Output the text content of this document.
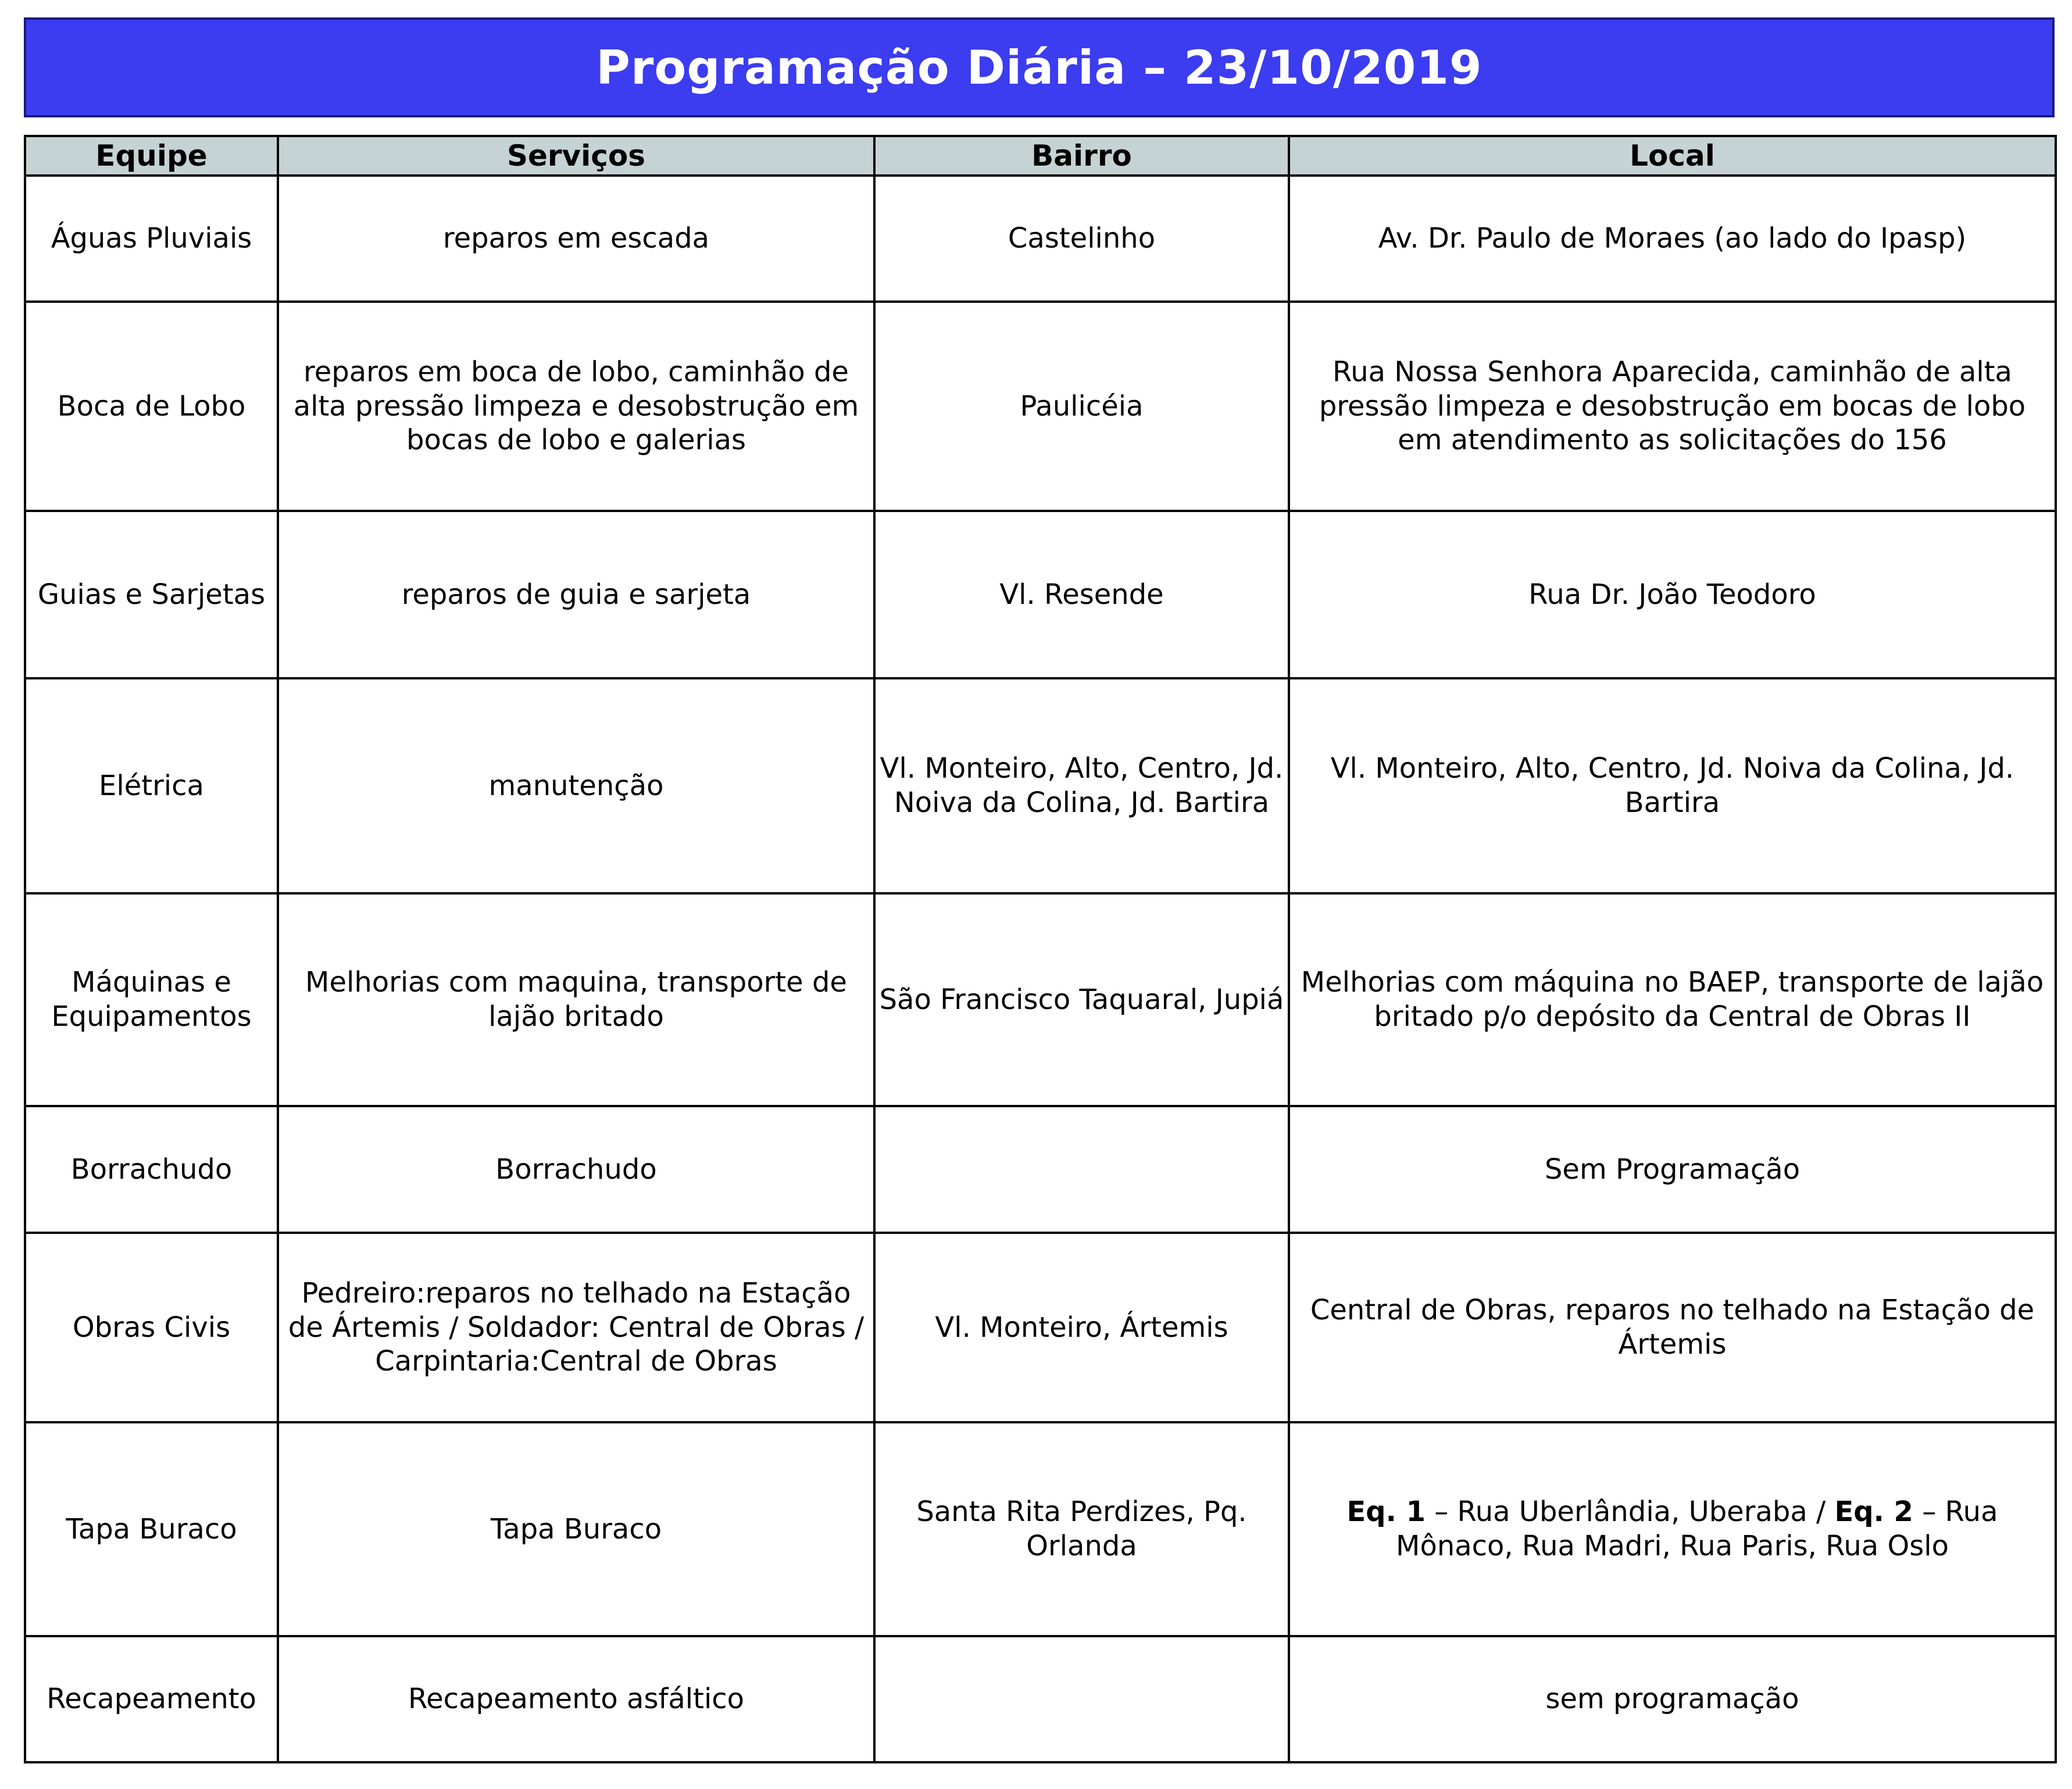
Programação Diária – 23/10/2019
Equipe	Serviços	Bairro	Local
Águas Pluviais	reparos em escada	Castelinho	Av. Dr. Paulo de Moraes (ao lado do Ipasp)
Boca de Lobo	reparos em boca de lobo, caminhão de alta pressão limpeza e desobstrução em bocas de lobo e galerias	Paulicéia	Rua Nossa Senhora Aparecida, caminhão de alta pressão limpeza e desobstrução em bocas de lobo em atendimento as solicitações do 156
Guias e Sarjetas	reparos de guia e sarjeta	Vl. Resende	Rua Dr. João Teodoro
Elétrica	manutenção	Vl. Monteiro, Alto, Centro, Jd. Noiva da Colina, Jd. Bartira	Vl. Monteiro, Alto, Centro, Jd. Noiva da Colina, Jd. Bartira
Máquinas e Equipamentos	Melhorias com maquina, transporte de lajão britado	São Francisco Taquaral, Jupiá	Melhorias com máquina no BAEP, transporte de lajão britado p/o depósito da Central de Obras II
Borrachudo	Borrachudo		Sem Programação
Obras Civis	Pedreiro:reparos no telhado na Estação de Ártemis / Soldador: Central de Obras / Carpintaria:Central de Obras	Vl. Monteiro, Ártemis	Central de Obras, reparos no telhado na Estação de Ártemis
Tapa Buraco	Tapa Buraco	Santa Rita Perdizes, Pq. Orlanda	Eq. 1 – Rua Uberlândia, Uberaba / Eq. 2 – Rua Mônaco, Rua Madri, Rua Paris, Rua Oslo
Recapeamento	Recapeamento asfáltico		sem programação
